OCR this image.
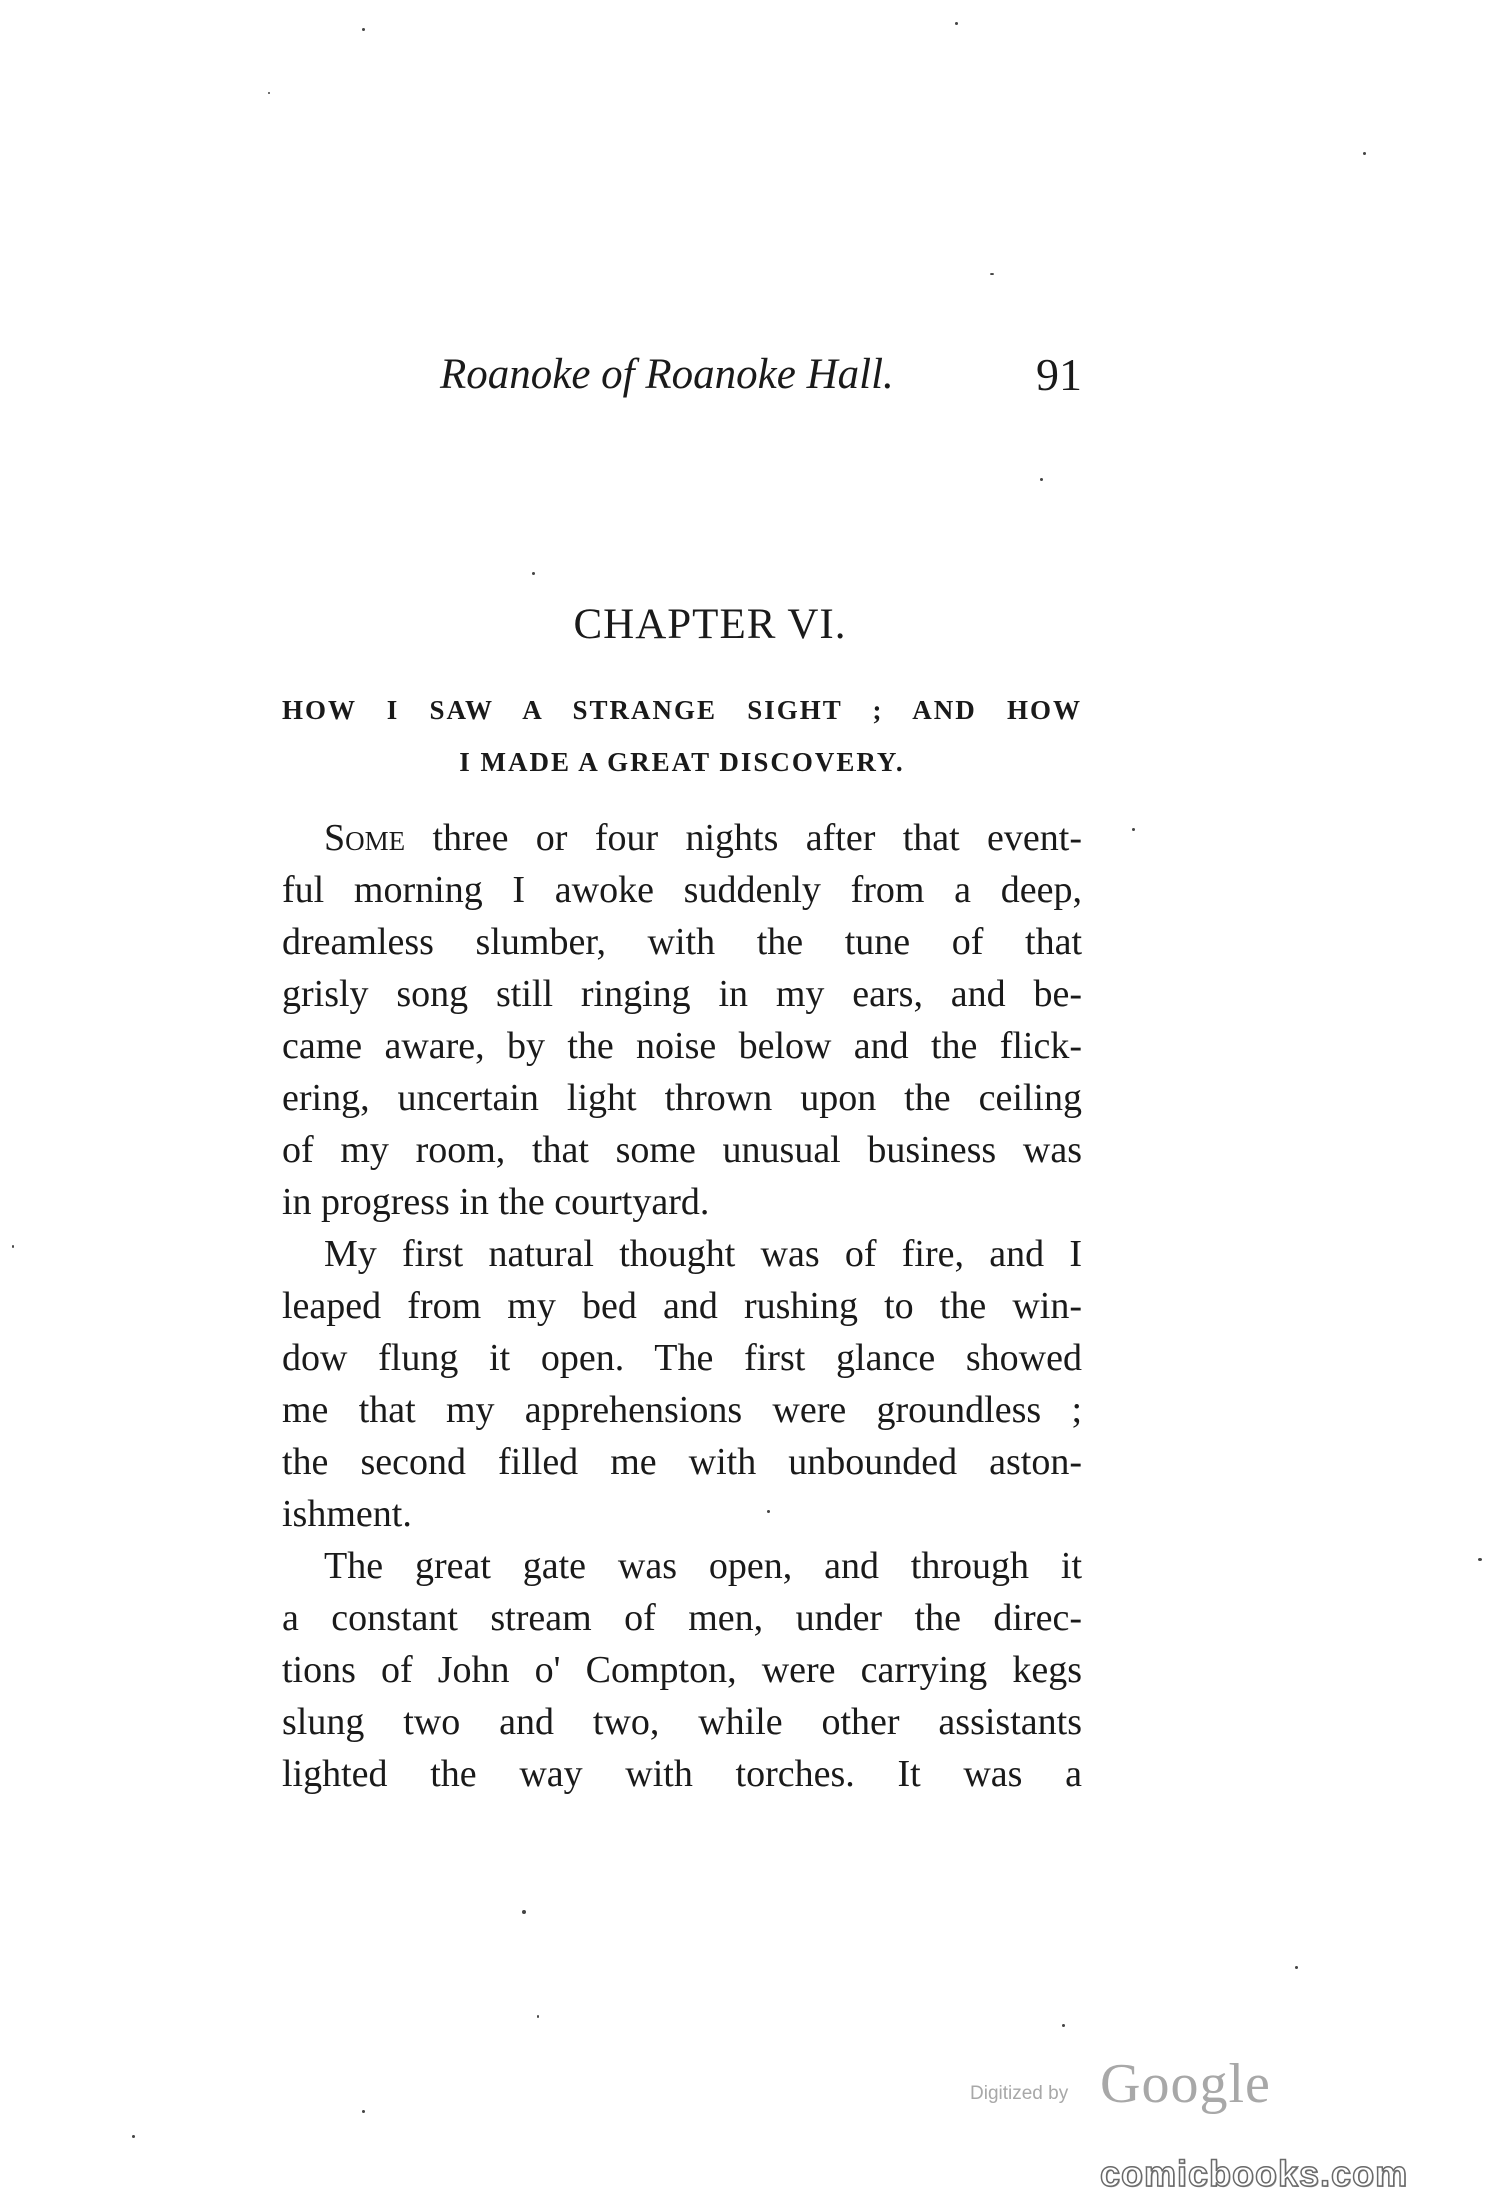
Roanoke of Roanoke Hall.	91
CHAPTER VI.
HOW I SAW A STRANGE SIGHT ; AND HOW
I MADE A GREAT DISCOVERY.
Some three or four nights after that event-
ful morning I awoke suddenly from a deep,
dreamless slumber, with the tune of that
grisly song still ringing in my ears, and be-
came aware, by the noise below and the flick-
ering, uncertain light thrown upon the ceiling
of my room, that some unusual business was
in progress in the courtyard.
My first natural thought was of fire, and I
leaped from my bed and rushing to the win-
dow flung it open. The first glance showed
me that my apprehensions were groundless ;
the second filled me with unbounded aston-
ishment.
The great gate was open, and through it
a constant stream of men, under the direc-
tions of John o' Compton, were carrying kegs
slung two and two, while other assistants
lighted the way with torches. It was a
Digitized by Google
comicbooks.com
